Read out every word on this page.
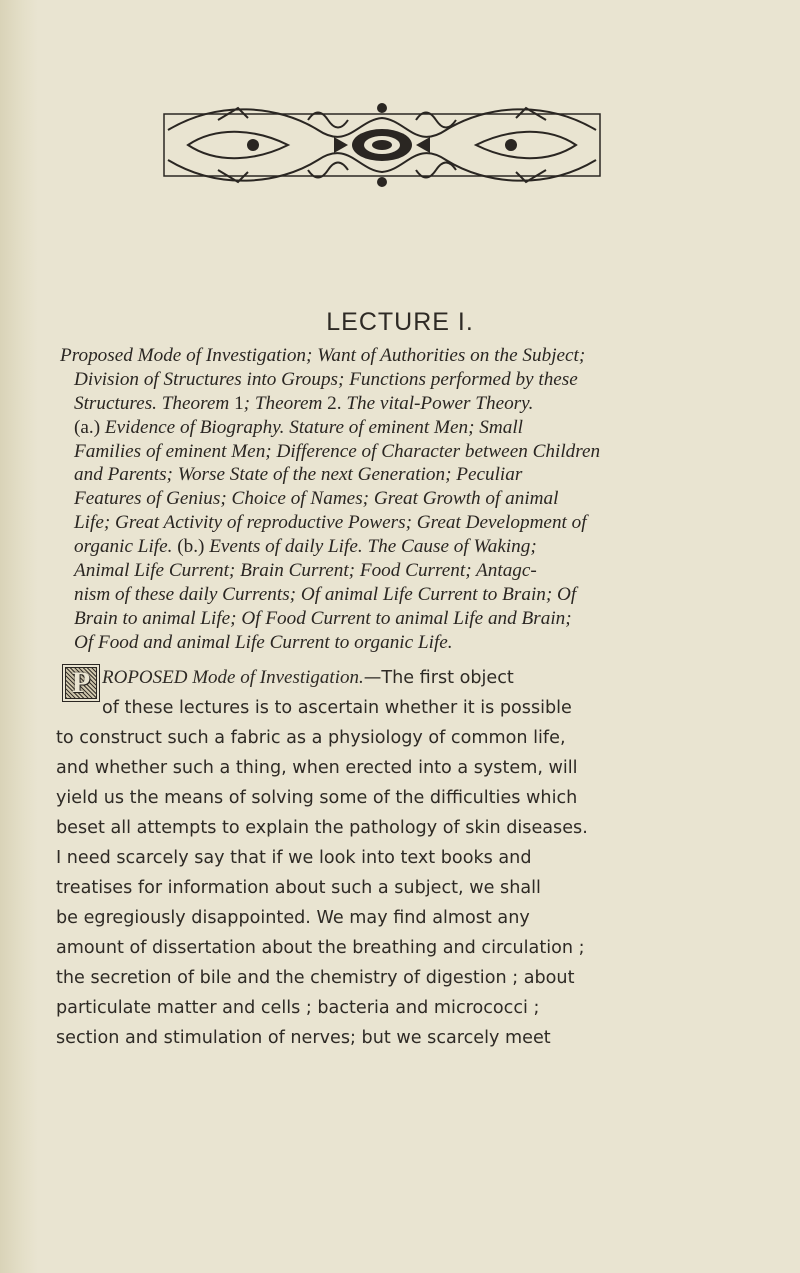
LECTURE I.
Proposed Mode of Investigation; Want of Authorities on the Subject;
Division of Structures into Groups; Functions performed by these
Structures. Theorem 1; Theorem 2. The vital-Power Theory.
(a.) Evidence of Biography. Stature of eminent Men; Small
Families of eminent Men; Difference of Character between Children
and Parents; Worse State of the next Generation; Peculiar
Features of Genius; Choice of Names; Great Growth of animal
Life; Great Activity of reproductive Powers; Great Development of
organic Life. (b.) Events of daily Life. The Cause of Waking;
Animal Life Current; Brain Current; Food Current; Antagc-
nism of these daily Currents; Of animal Life Current to Brain; Of
Brain to animal Life; Of Food Current to animal Life and Brain;
Of Food and animal Life Current to organic Life.
P ROPOSED Mode of Investigation.—The first object
of these lectures is to ascertain whether it is possible
to construct such a fabric as a physiology of common life,
and whether such a thing, when erected into a system, will
yield us the means of solving some of the difficulties which
beset all attempts to explain the pathology of skin diseases.
I need scarcely say that if we look into text books and
treatises for information about such a subject, we shall
be egregiously disappointed. We may find almost any
amount of dissertation about the breathing and circulation ;
the secretion of bile and the chemistry of digestion ; about
particulate matter and cells ; bacteria and micrococci ;
section and stimulation of nerves; but we scarcely meet
